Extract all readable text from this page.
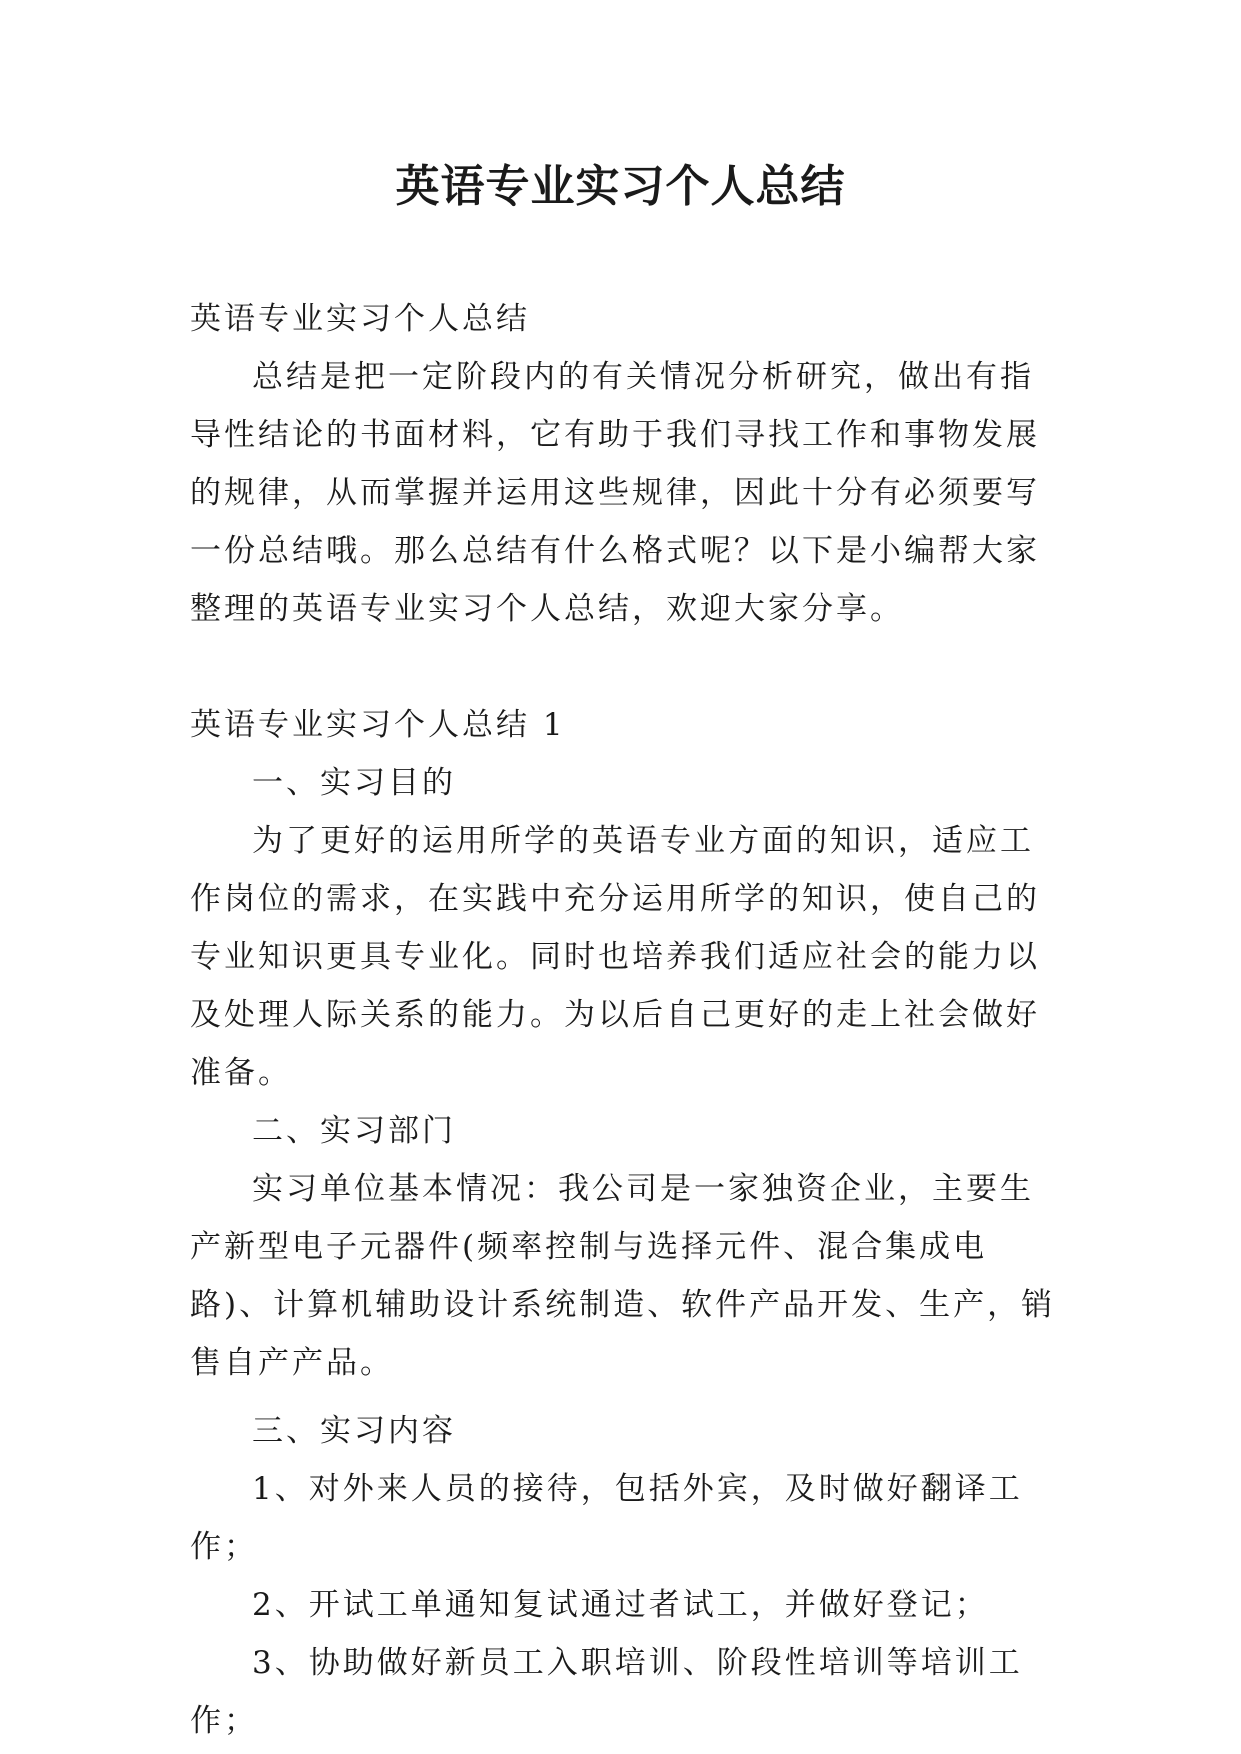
英语专业实习个人总结

英语专业实习个人总结

总结是把一定阶段内的有关情况分析研究，做出有指导性结论的书面材料，它有助于我们寻找工作和事物发展的规律，从而掌握并运用这些规律，因此十分有必须要写一份总结哦。那么总结有什么格式呢？以下是小编帮大家整理的英语专业实习个人总结，欢迎大家分享。

英语专业实习个人总结 1

一、实习目的

为了更好的运用所学的英语专业方面的知识，适应工作岗位的需求，在实践中充分运用所学的知识，使自己的专业知识更具专业化。同时也培养我们适应社会的能力以及处理人际关系的能力。为以后自己更好的走上社会做好准备。

二、实习部门

实习单位基本情况：我公司是一家独资企业，主要生产新型电子元器件(频率控制与选择元件、混合集成电路)、计算机辅助设计系统制造、软件产品开发、生产，销售自产产品。

三、实习内容

1、对外来人员的接待，包括外宾，及时做好翻译工作；

2、开试工单通知复试通过者试工，并做好登记；

3、协助做好新员工入职培训、阶段性培训等培训工作；
